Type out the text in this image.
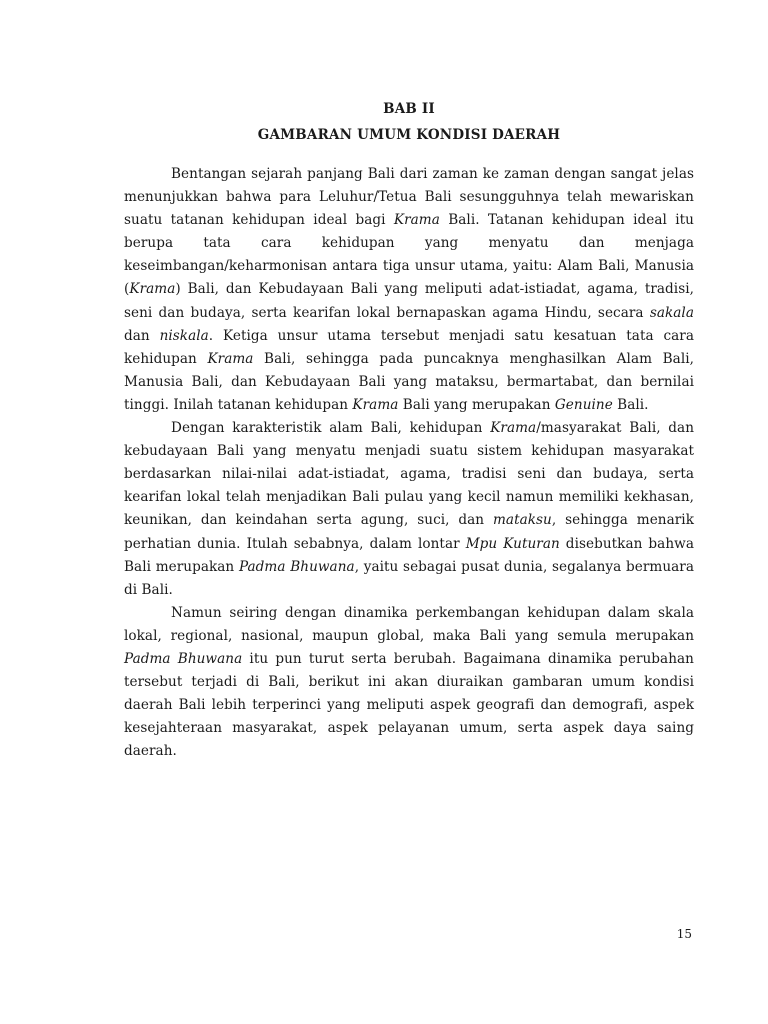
BAB II

GAMBARAN UMUM KONDISI DAERAH

Bentangan sejarah panjang Bali dari zaman ke zaman dengan sangat jelas menunjukkan bahwa para Leluhur/Tetua Bali sesungguhnya telah mewariskan suatu tatanan kehidupan ideal bagi Krama Bali. Tatanan kehidupan ideal itu berupa tata cara kehidupan yang menyatu dan menjaga keseimbangan/keharmonisan antara tiga unsur utama, yaitu: Alam Bali, Manusia (Krama) Bali, dan Kebudayaan Bali yang meliputi adat-istiadat, agama, tradisi, seni dan budaya, serta kearifan lokal bernapaskan agama Hindu, secara sakala dan niskala. Ketiga unsur utama tersebut menjadi satu kesatuan tata cara kehidupan Krama Bali, sehingga pada puncaknya menghasilkan Alam Bali, Manusia Bali, dan Kebudayaan Bali yang mataksu, bermartabat, dan bernilai tinggi. Inilah tatanan kehidupan Krama Bali yang merupakan Genuine Bali.

Dengan karakteristik alam Bali, kehidupan Krama/masyarakat Bali, dan kebudayaan Bali yang menyatu menjadi suatu sistem kehidupan masyarakat berdasarkan nilai-nilai adat-istiadat, agama, tradisi seni dan budaya, serta kearifan lokal telah menjadikan Bali pulau yang kecil namun memiliki kekhasan, keunikan, dan keindahan serta agung, suci, dan mataksu, sehingga menarik perhatian dunia. Itulah sebabnya, dalam lontar Mpu Kuturan disebutkan bahwa Bali merupakan Padma Bhuwana, yaitu sebagai pusat dunia, segalanya bermuara di Bali.

Namun seiring dengan dinamika perkembangan kehidupan dalam skala lokal, regional, nasional, maupun global, maka Bali yang semula merupakan Padma Bhuwana itu pun turut serta berubah. Bagaimana dinamika perubahan tersebut terjadi di Bali, berikut ini akan diuraikan gambaran umum kondisi daerah Bali lebih terperinci yang meliputi aspek geografi dan demografi, aspek kesejahteraan masyarakat, aspek pelayanan umum, serta aspek daya saing daerah.

15
